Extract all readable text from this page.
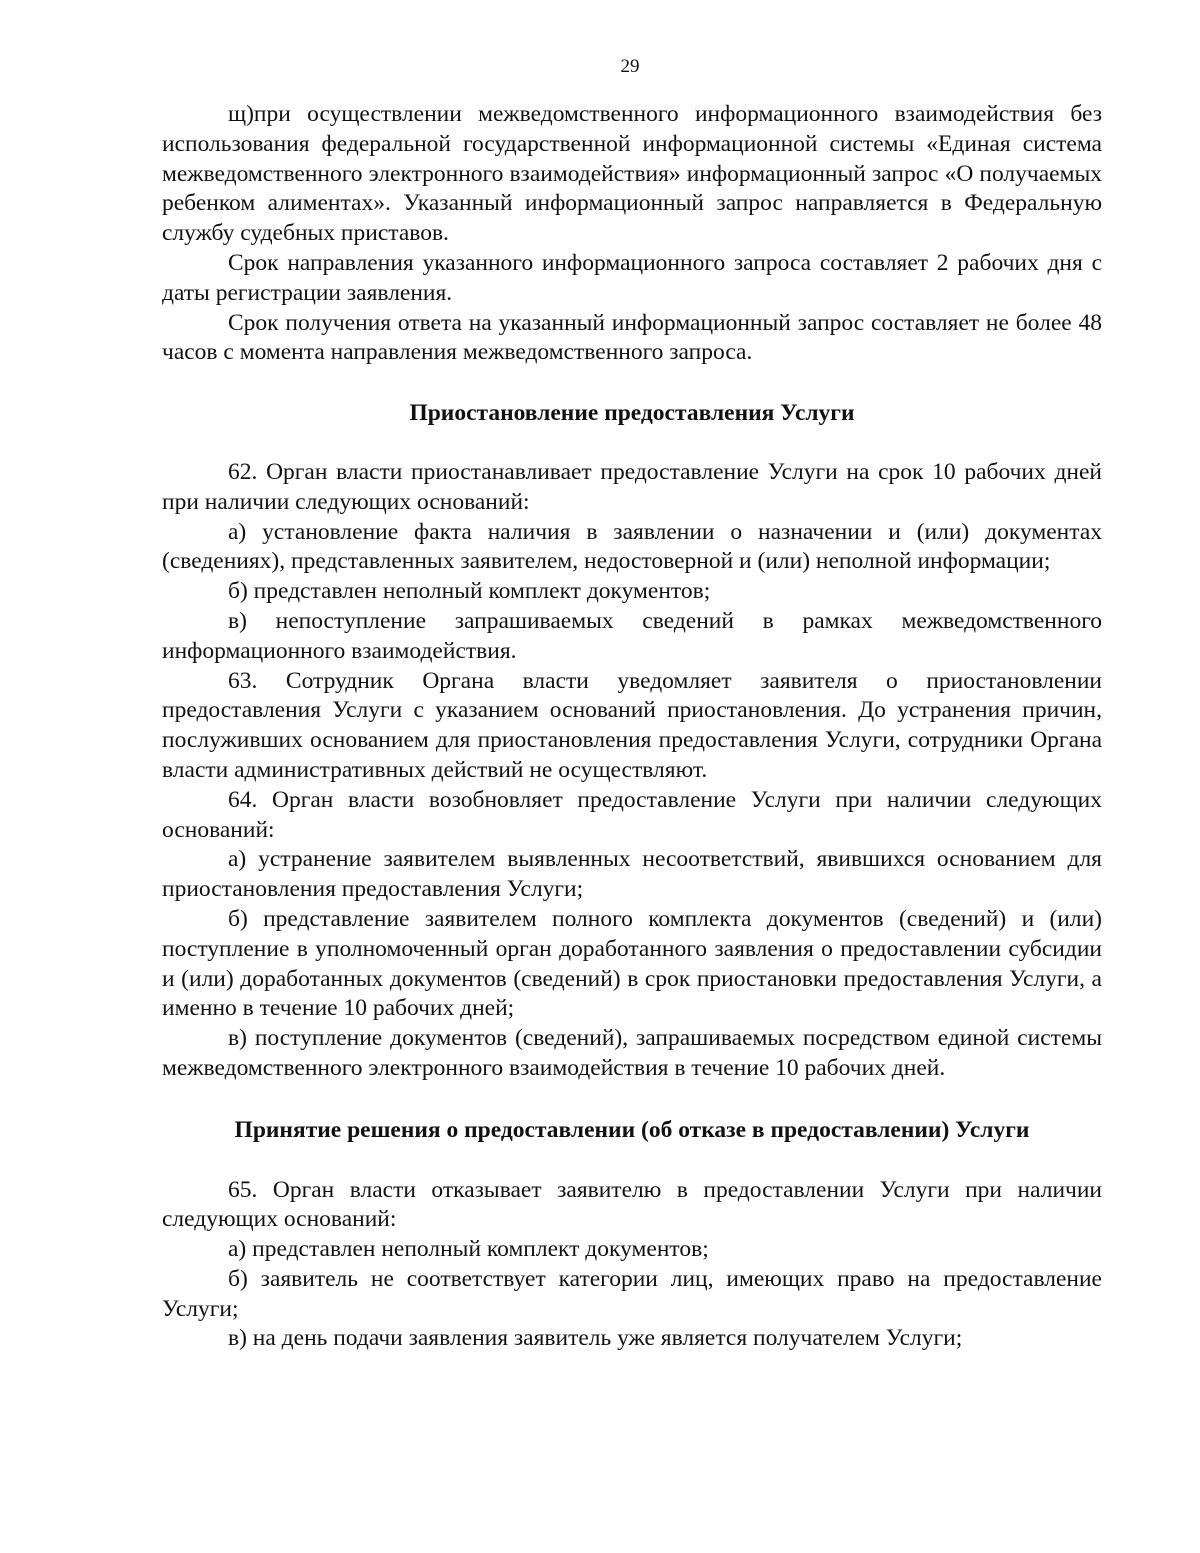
29

щ)при осуществлении межведомственного информационного взаимодействия без использования федеральной государственной информационной системы «Единая система межведомственного электронного взаимодействия» информационный запрос «О получаемых ребенком алиментах». Указанный информационный запрос направляется в Федеральную службу судебных приставов.

Срок направления указанного информационного запроса составляет 2 рабочих дня с даты регистрации заявления.

Срок получения ответа на указанный информационный запрос составляет не более 48 часов с момента направления межведомственного запроса.

Приостановление предоставления Услуги

62. Орган власти приостанавливает предоставление Услуги на срок 10 рабочих дней при наличии следующих оснований:

а) установление факта наличия в заявлении о назначении и (или) документах (сведениях), представленных заявителем, недостоверной и (или) неполной информации;

б) представлен неполный комплект документов;

в) непоступление запрашиваемых сведений в рамках межведомственного информационного взаимодействия.

63. Сотрудник Органа власти уведомляет заявителя о приостановлении предоставления Услуги с указанием оснований приостановления. До устранения причин, послуживших основанием для приостановления предоставления Услуги, сотрудники Органа власти административных действий не осуществляют.

64. Орган власти возобновляет предоставление Услуги при наличии следующих оснований:

а) устранение заявителем выявленных несоответствий, явившихся основанием для приостановления предоставления Услуги;

б) представление заявителем полного комплекта документов (сведений) и (или) поступление в уполномоченный орган доработанного заявления о предоставлении субсидии и (или) доработанных документов (сведений) в срок приостановки предоставления Услуги, а именно в течение 10 рабочих дней;

в) поступление документов (сведений), запрашиваемых посредством единой системы межведомственного электронного взаимодействия в течение 10 рабочих дней.

Принятие решения о предоставлении (об отказе в предоставлении) Услуги

65. Орган власти отказывает заявителю в предоставлении Услуги при наличии следующих оснований:

а) представлен неполный комплект документов;

б) заявитель не соответствует категории лиц, имеющих право на предоставление Услуги;

в) на день подачи заявления заявитель уже является получателем Услуги;
